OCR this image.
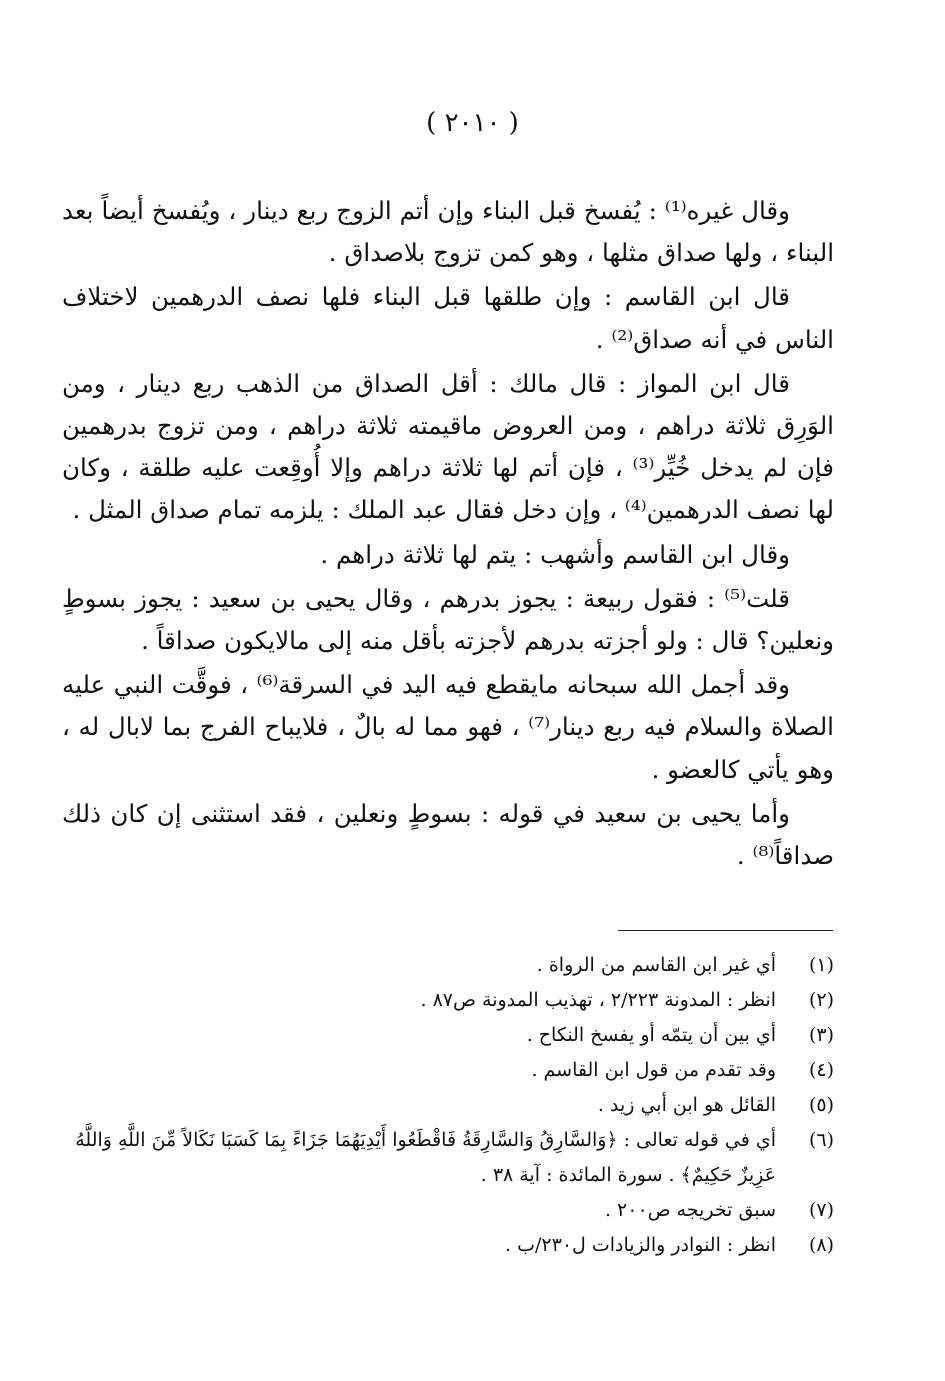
( ٢٠١٠ )

وقال غيره⁽¹⁾ : يُفسخ قبل البناء وإن أتم الزوج ربع دينار ، ويُفسخ أيضاً بعد البناء ، ولها صداق مثلها ، وهو كمن تزوج بلاصداق .

قال ابن القاسم : وإن طلقها قبل البناء فلها نصف الدرهمين لاختلاف الناس في أنه صداق⁽²⁾ .

قال ابن المواز : قال مالك : أقل الصداق من الذهب ربع دينار ، ومن الوَرِق ثلاثة دراهم ، ومن العروض ماقيمته ثلاثة دراهم ، ومن تزوج بدرهمين فإن لم يدخل خُيِّر⁽³⁾ ، فإن أتم لها ثلاثة دراهم وإلا أُوقِعت عليه طلقة ، وكان لها نصف الدرهمين⁽⁴⁾ ، وإن دخل فقال عبد الملك : يلزمه تمام صداق المثل .

وقال ابن القاسم وأشهب : يتم لها ثلاثة دراهم .

قلت⁽⁵⁾ : فقول ربيعة : يجوز بدرهم ، وقال يحيى بن سعيد : يجوز بسوطٍ ونعلين؟ قال : ولو أجزته بدرهم لأجزته بأقل منه إلى مالايكون صداقاً .

وقد أجمل الله سبحانه مايقطع فيه اليد في السرقة⁽⁶⁾ ، فوقَّت النبي عليه الصلاة والسلام فيه ربع دينار⁽⁷⁾ ، فهو مما له بالٌ ، فلايباح الفرج بما لابال له ، وهو يأتي كالعضو .

وأما يحيى بن سعيد في قوله : بسوطٍ ونعلين ، فقد استثنى إن كان ذلك صداقاً⁽⁸⁾ .

(١)
أي غير ابن القاسم من الرواة .
(٢)
انظر : المدونة ٢/٢٢٣ ، تهذيب المدونة ص٨٧ .
(٣)
أي بين أن يتمّه أو يفسخ النكاح .
(٤)
وقد تقدم من قول ابن القاسم .
(٥)
القائل هو ابن أبي زيد .
(٦)
أي في قوله تعالى : ﴿وَالسَّارِقُ وَالسَّارِقَةُ فَاقْطَعُوا أَيْدِيَهُمَا جَزَاءً بِمَا كَسَبَا نَكَالاً مِّنَ اللَّهِ وَاللَّهُ عَزِيزٌ حَكِيمٌ﴾ . سورة المائدة : آية ٣٨ .
(٧)
سبق تخريجه ص٢٠٠ .
(٨)
انظر : النوادر والزيادات ل٢٣٠/ب .
